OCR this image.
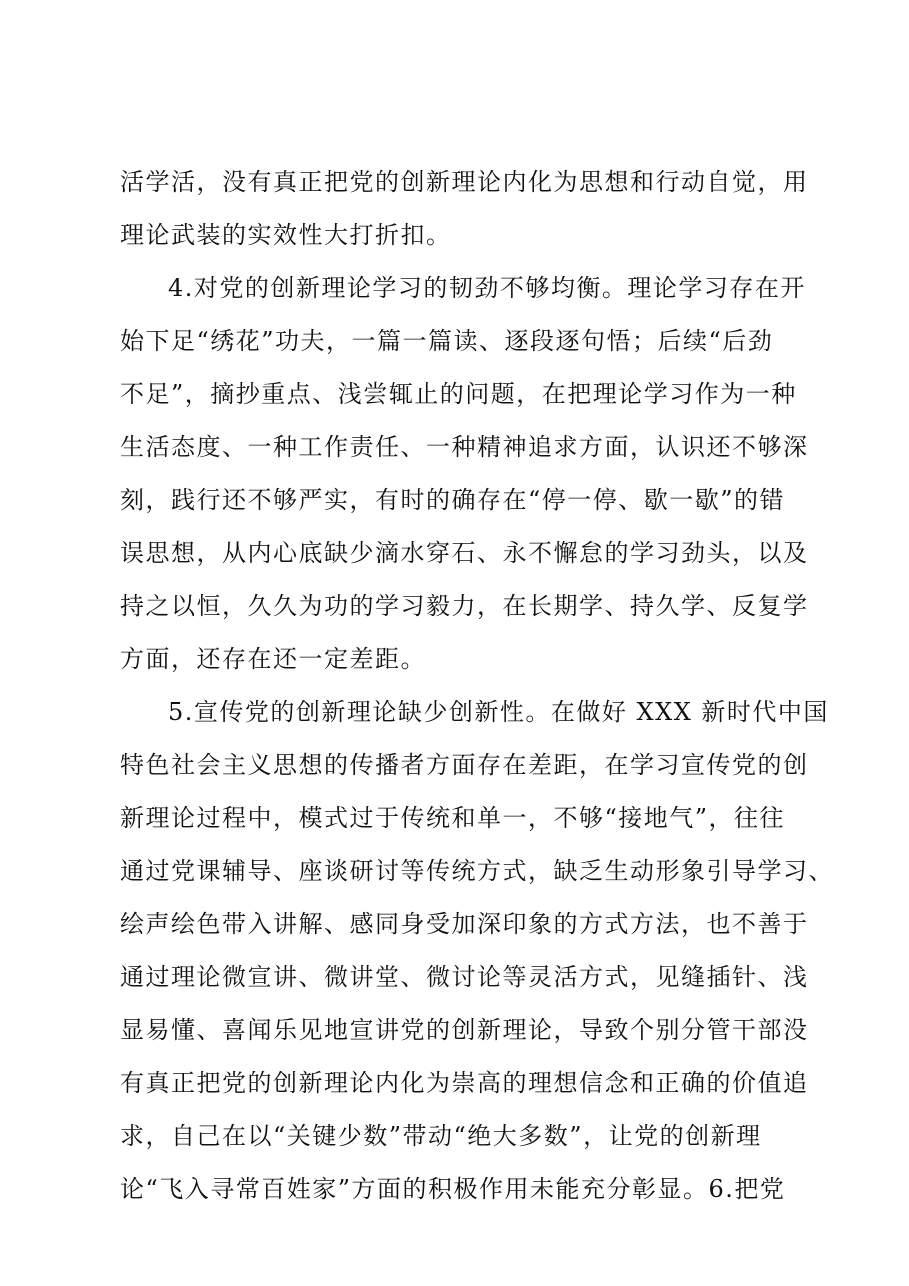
活学活，没有真正把党的创新理论内化为思想和行动自觉，用
理论武装的实效性大打折扣。
4.对党的创新理论学习的韧劲不够均衡。理论学习存在开
始下足“绣花”功夫，一篇一篇读、逐段逐句悟；后续“后劲
不足”，摘抄重点、浅尝辄止的问题，在把理论学习作为一种
生活态度、一种工作责任、一种精神追求方面，认识还不够深
刻，践行还不够严实，有时的确存在“停一停、歇一歇”的错
误思想，从内心底缺少滴水穿石、永不懈怠的学习劲头，以及
持之以恒，久久为功的学习毅力，在长期学、持久学、反复学
方面，还存在还一定差距。
5.宣传党的创新理论缺少创新性。在做好 XXX 新时代中国
特色社会主义思想的传播者方面存在差距，在学习宣传党的创
新理论过程中，模式过于传统和单一，不够“接地气”，往往
通过党课辅导、座谈研讨等传统方式，缺乏生动形象引导学习、
绘声绘色带入讲解、感同身受加深印象的方式方法，也不善于
通过理论微宣讲、微讲堂、微讨论等灵活方式，见缝插针、浅
显易懂、喜闻乐见地宣讲党的创新理论，导致个别分管干部没
有真正把党的创新理论内化为崇高的理想信念和正确的价值追
求，自己在以“关键少数”带动“绝大多数”，让党的创新理
论“飞入寻常百姓家”方面的积极作用未能充分彰显。6.把党
